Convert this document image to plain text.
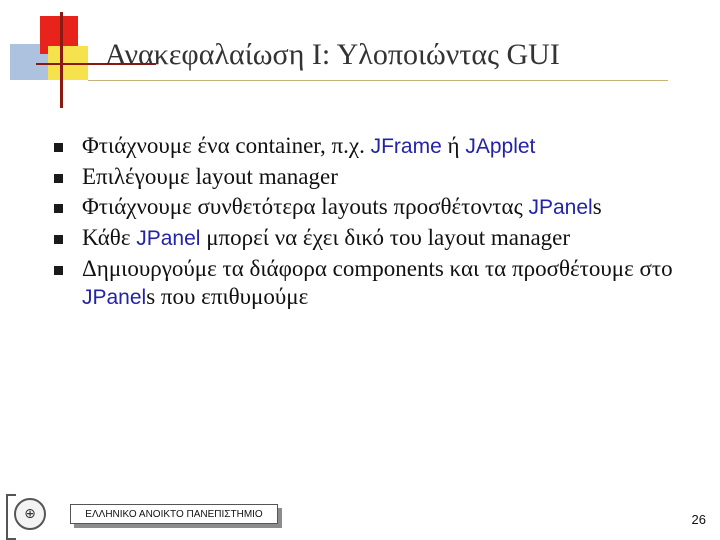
Ανακεφαλαίωση Ι: Υλοποιώντας GUI
Φτιάχνουμε ένα container, π.χ. JFrame ή JApplet
Επιλέγουμε layout manager
Φτιάχνουμε συνθετότερα layouts προσθέτοντας JPanels
Κάθε JPanel μπορεί να έχει δικό του layout manager
Δημιουργούμε τα διάφορα components και τα προσθέτουμε στο JPanels που επιθυμούμε
⊕	ΕΛΛΗΝΙΚΟ ΑΝΟΙΚΤΟ ΠΑΝΕΠΙΣΤΗΜΙΟ	26
